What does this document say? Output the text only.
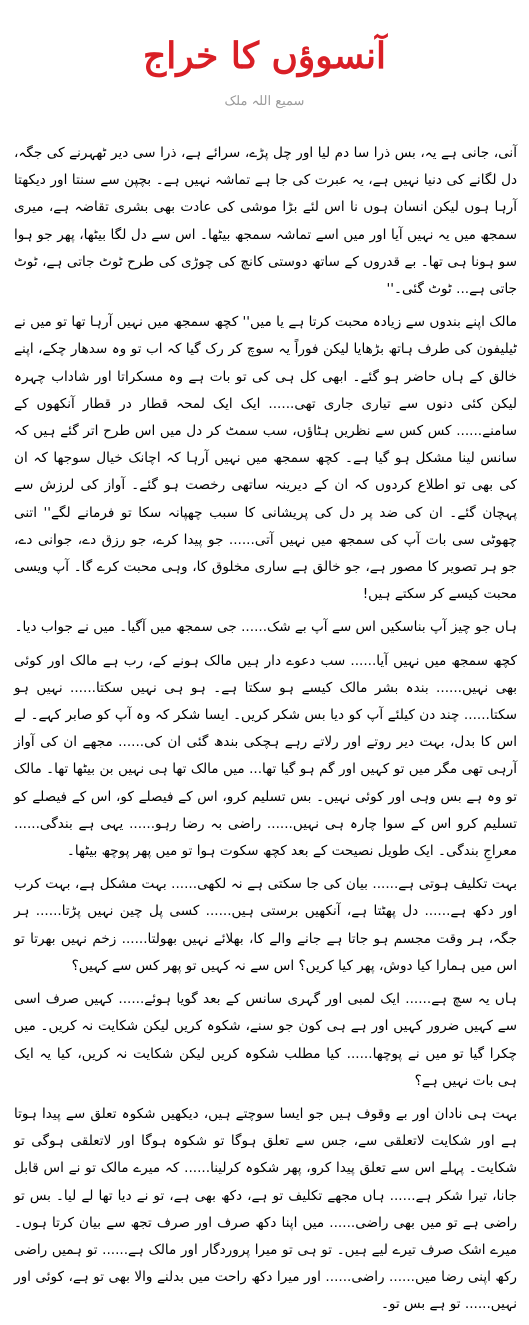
آنسوؤں کا خراج
سمیع اللہ ملک

آنی، جانی ہے یہ، بس ذرا سا دم لیا اور چل پڑے، سرائے ہے، ذرا سی دیر ٹھہرنے کی جگہ، دل لگانے کی دنیا نہیں ہے، یہ عبرت کی جا ہے تماشہ نہیں ہے۔ بچپن سے سنتا اور دیکھتا آرہا ہوں لیکن انسان ہوں نا اس لئے بڑا موشی کی عادت بھی بشری تقاضہ ہے، میری سمجھ میں یہ نہیں آیا اور میں اسے تماشہ سمجھ بیٹھا۔ اس سے دل لگا بیٹھا، پھر جو ہوا سو ہونا ہی تھا۔ بے قدروں کے ساتھ دوستی کانچ کی چوڑی کی طرح ٹوٹ جاتی ہے، ٹوٹ جاتی ہے... ٹوٹ گئی۔''

مالک اپنے بندوں سے زیادہ محبت کرتا ہے یا میں'' کچھ سمجھ میں نہیں آرہا تھا تو میں نے ٹیلیفون کی طرف ہاتھ بڑھایا لیکن فوراً یہ سوچ کر رک گیا کہ اب تو وہ سدھار چکے، اپنے خالق کے ہاں حاضر ہو گئے۔ ابھی کل ہی کی تو بات ہے وہ مسکراتا اور شاداب چہرہ لیکن کئی دنوں سے تیاری جاری تھی...... ایک ایک لمحہ قطار در قطار آنکھوں کے سامنے...... کس کس سے نظریں ہٹاؤں، سب سمٹ کر دل میں اس طرح اتر گئے ہیں کہ سانس لینا مشکل ہو گیا ہے۔ کچھ سمجھ میں نہیں آرہا کہ اچانک خیال سوجھا کہ ان کی بھی تو اطلاع کردوں کہ ان کے دیرینہ ساتھی رخصت ہو گئے۔ آواز کی لرزش سے پہچان گئے۔ ان کی ضد پر دل کی پریشانی کا سبب چھپانہ سکا تو فرمانے لگے'' اتنی چھوٹی سی بات آپ کی سمجھ میں نہیں آتی...... جو پیدا کرے، جو رزق دے، جوانی دے، جو ہر تصویر کا مصور ہے، جو خالق ہے ساری مخلوق کا، وہی محبت کرے گا۔ آپ ویسی محبت کیسے کر سکتے ہیں!

ہاں جو چیز آپ بناسکیں اس سے آپ بے شک...... جی سمجھ میں آگیا۔ میں نے جواب دیا۔

کچھ سمجھ میں نہیں آیا...... سب دعوے دار ہیں مالک ہونے کے، رب ہے مالک اور کوئی بھی نہیں...... بندہ بشر مالک کیسے ہو سکتا ہے۔ ہو ہی نہیں سکتا...... نہیں ہو سکتا...... چند دن کیلئے آپ کو دیا بس شکر کریں۔ ایسا شکر کہ وہ آپ کو صابر کہے۔ لے اس کا بدل، بہت دیر روتے اور رلاتے رہے ہچکی بندھ گئی ان کی...... مجھے ان کی آواز آرہی تھی مگر میں تو کہیں اور گم ہو گیا تھا... میں مالک تھا ہی نہیں بن بیٹھا تھا۔ مالک تو وہ ہے بس وہی اور کوئی نہیں۔ بس تسلیم کرو، اس کے فیصلے کو، اس کے فیصلے کو تسلیم کرو اس کے سوا چارہ ہی نہیں...... راضی بہ رضا رہو...... یہی ہے بندگی...... معراجِ بندگی۔ ایک طویل نصیحت کے بعد کچھ سکوت ہوا تو میں پھر پوچھ بیٹھا۔

بہت تکلیف ہوتی ہے...... بیان کی جا سکتی ہے نہ لکھی...... بہت مشکل ہے، بہت کرب اور دکھ ہے...... دل پھٹتا ہے، آنکھیں برستی ہیں...... کسی پل چین نہیں پڑتا...... ہر جگہ، ہر وقت مجسم ہو جاتا ہے جانے والے کا، بھلائے نہیں بھولتا...... زخم نہیں بھرتا تو اس میں ہمارا کیا دوش، پھر کیا کریں؟ اس سے نہ کہیں تو پھر کس سے کہیں؟

ہاں یہ سچ ہے...... ایک لمبی اور گہری سانس کے بعد گویا ہوئے...... کہیں صرف اسی سے کہیں ضرور کہیں اور ہے ہی کون جو سنے، شکوہ کریں لیکن شکایت نہ کریں۔ میں چکرا گیا تو میں نے پوچھا...... کیا مطلب شکوہ کریں لیکن شکایت نہ کریں، کیا یہ ایک ہی بات نہیں ہے؟

بہت ہی نادان اور بے وقوف ہیں جو ایسا سوچتے ہیں، دیکھیں شکوہ تعلق سے پیدا ہوتا ہے اور شکایت لاتعلقی سے، جس سے تعلق ہوگا تو شکوہ ہوگا اور لاتعلقی ہوگی تو شکایت۔ پہلے اس سے تعلق پیدا کرو، پھر شکوہ کرلینا...... کہ میرے مالک تو نے اس قابل جانا، تیرا شکر ہے...... ہاں مجھے تکلیف تو ہے، دکھ بھی ہے، تو نے دیا تھا لے لیا۔ بس تو راضی ہے تو میں بھی راضی...... میں اپنا دکھ صرف اور صرف تجھ سے بیان کرتا ہوں۔ میرے اشک صرف تیرے لیے ہیں۔ تو ہی تو میرا پروردگار اور مالک ہے...... تو ہمیں راضی رکھ اپنی رضا میں...... راضی...... اور میرا دکھ راحت میں بدلنے والا بھی تو ہے، کوئی اور نہیں...... تو ہے بس تو۔
